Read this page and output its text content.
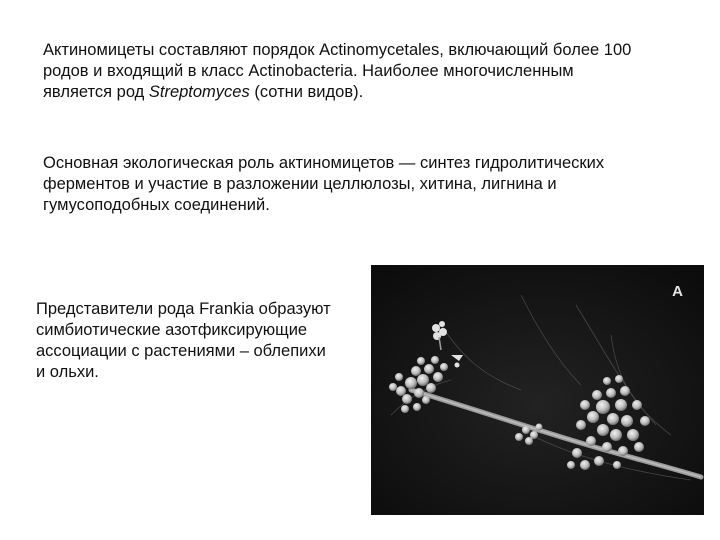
Актиномицеты составляют порядок Actinomycetales, включающий более 100
родов и входящий в класс Actinobacteria. Наиболее многочисленным
является род Streptomyces (сотни видов).
Основная экологическая роль актиномицетов — синтез гидролитических
ферментов и участие в разложении целлюлозы, хитина, лигнина и
гумусоподобных соединений.
Представители рода Frankia образуют
симбиотические азотфиксирующие
ассоциации с растениями – облепихи
и ольхи.
A
